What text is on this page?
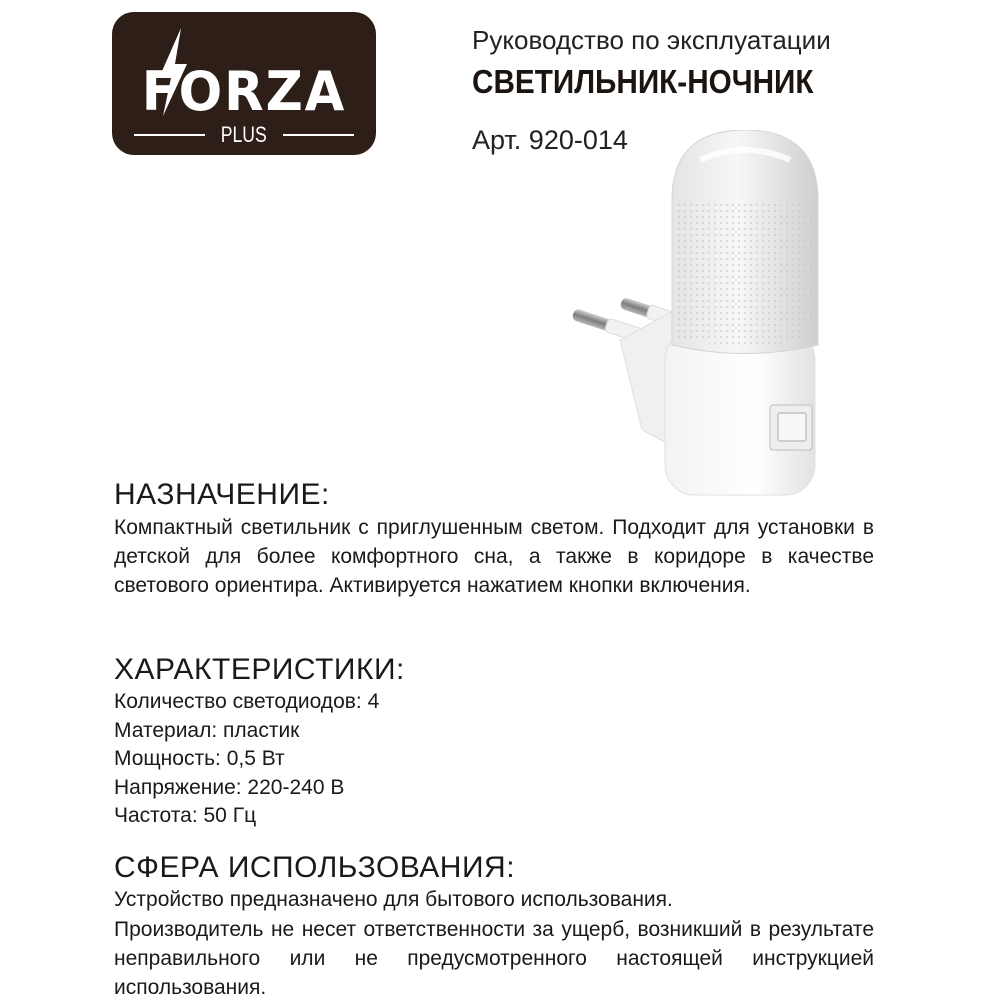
FORZA
PLUS
Руководство по эксплуатации
СВЕТИЛЬНИК-НОЧНИК
Арт. 920-014
НАЗНАЧЕНИЕ:

Компактный светильник с приглушенным светом. Подходит для установки в детской для более комфортного сна, а также в коридоре в качестве светового ориентира. Активируется нажатием кнопки включения.

ХАРАКТЕРИСТИКИ:

Количество светодиодов: 4

Материал: пластик

Мощность: 0,5 Вт

Напряжение: 220-240 В

Частота: 50 Гц

СФЕРА ИСПОЛЬЗОВАНИЯ:

Устройство предназначено для бытового использования.

Производитель не несет ответственности за ущерб, возникший в результате неправильного или не предусмотренного настоящей инструкцией использования.
